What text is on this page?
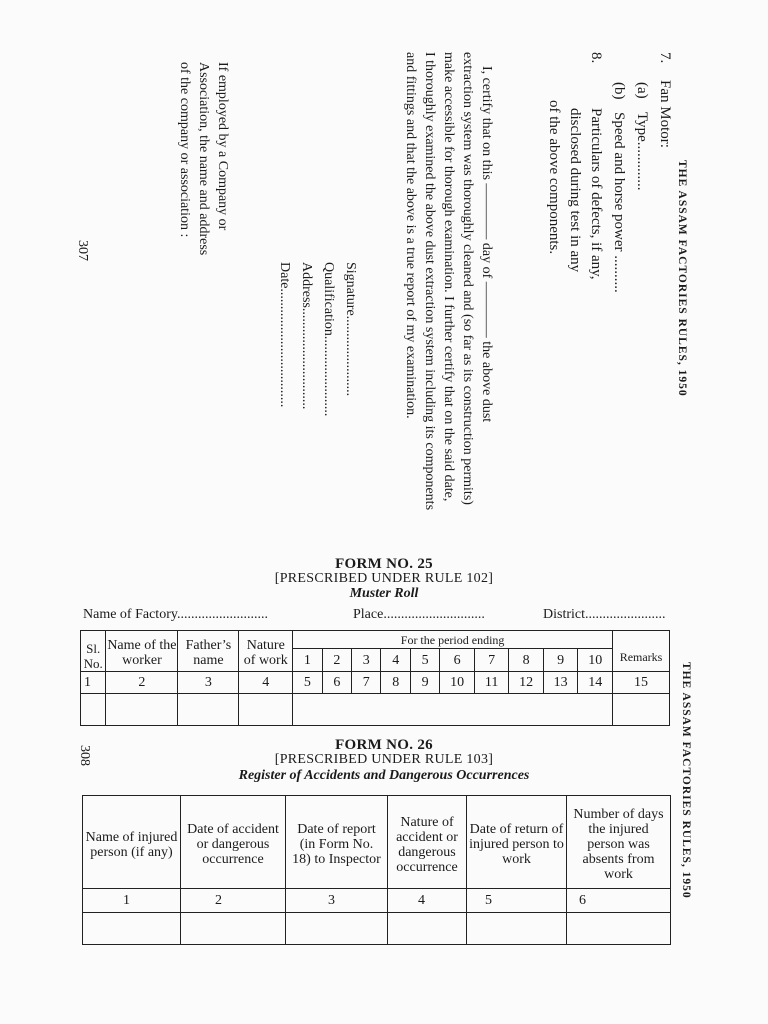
THE ASSAM FACTORIES RULES, 1950
7.
Fan Motor:
(a)
Type.............
(b)
Speed and horse power ..........
8.
Particulars of defects, if any,
disclosed during test in any
of the above components.
I, certify that on this ———— day of ———— the above dust
extraction system was thoroughly cleaned and (so far as its construction permits)
make accessible for thorough examination. I further certify that on the said date,
I thoroughly examined the above dust extraction system including its components
and fittings and that the above is a true report of my examination.
Signature.......................
Qualification.......................
Address.............................
Date..................................
If employed by a Company or
Association, the name and address
of the company or association :
307
THE ASSAM FACTORIES RULES, 1950
308
FORM NO. 25
[PRESCRIBED UNDER RULE 102]
Muster Roll
Name of Factory..........................	Place.............................	District.......................
Sl. No.	Name of the worker	Father’s name	Nature of work	For the period ending										Remarks
				1	2	3	4	5	6	7	8	9	10	
1	2	3	4	5	6	7	8	9	10	11	12	13	14	15

FORM NO. 26
[PRESCRIBED UNDER RULE 103]
Register of Accidents and Dangerous Occurrences
Name of injured person (if any)	Date of accident or dangerous occurrence	Date of report (in Form No. 18) to Inspector	Nature of accident or dangerous occurrence	Date of return of injured person to work	Number of days the injured person was absents from work
1	2	3	4	5	6
